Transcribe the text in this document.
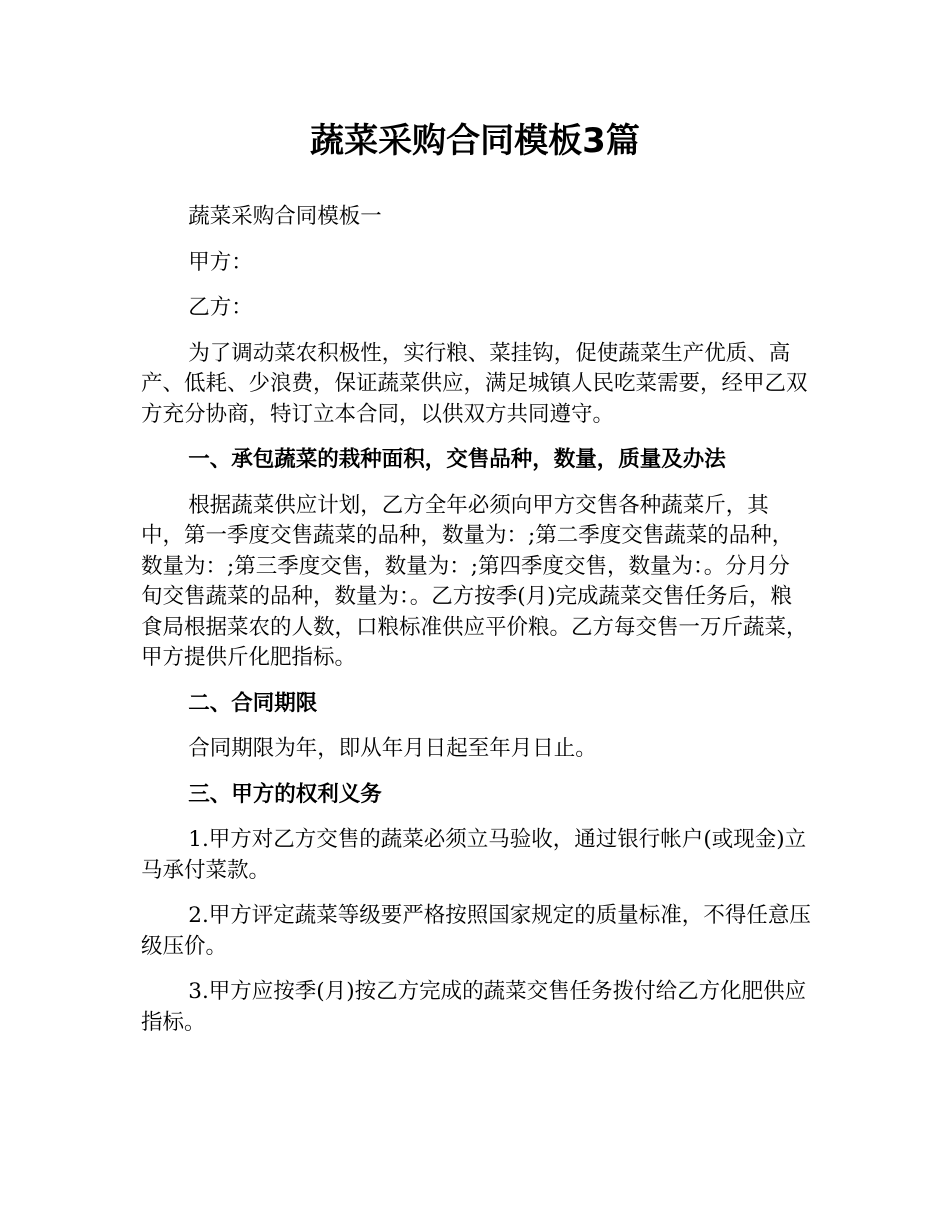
蔬菜采购合同模板3篇

蔬菜采购合同模板一

甲方：

乙方：

为了调动菜农积极性，实行粮、菜挂钩，促使蔬菜生产优质、高产、低耗、少浪费，保证蔬菜供应，满足城镇人民吃菜需要，经甲乙双方充分协商，特订立本合同，以供双方共同遵守。

一、承包蔬菜的栽种面积，交售品种，数量，质量及办法

根据蔬菜供应计划，乙方全年必须向甲方交售各种蔬菜斤，其中，第一季度交售蔬菜的品种，数量为：;第二季度交售蔬菜的品种，数量为：;第三季度交售，数量为：;第四季度交售，数量为：。分月分旬交售蔬菜的品种，数量为：。乙方按季(月)完成蔬菜交售任务后，粮食局根据菜农的人数，口粮标准供应平价粮。乙方每交售一万斤蔬菜，甲方提供斤化肥指标。

二、合同期限

合同期限为年，即从年月日起至年月日止。

三、甲方的权利义务

1.甲方对乙方交售的蔬菜必须立马验收，通过银行帐户(或现金)立马承付菜款。

2.甲方评定蔬菜等级要严格按照国家规定的质量标准，不得任意压级压价。

3.甲方应按季(月)按乙方完成的蔬菜交售任务拨付给乙方化肥供应指标。
